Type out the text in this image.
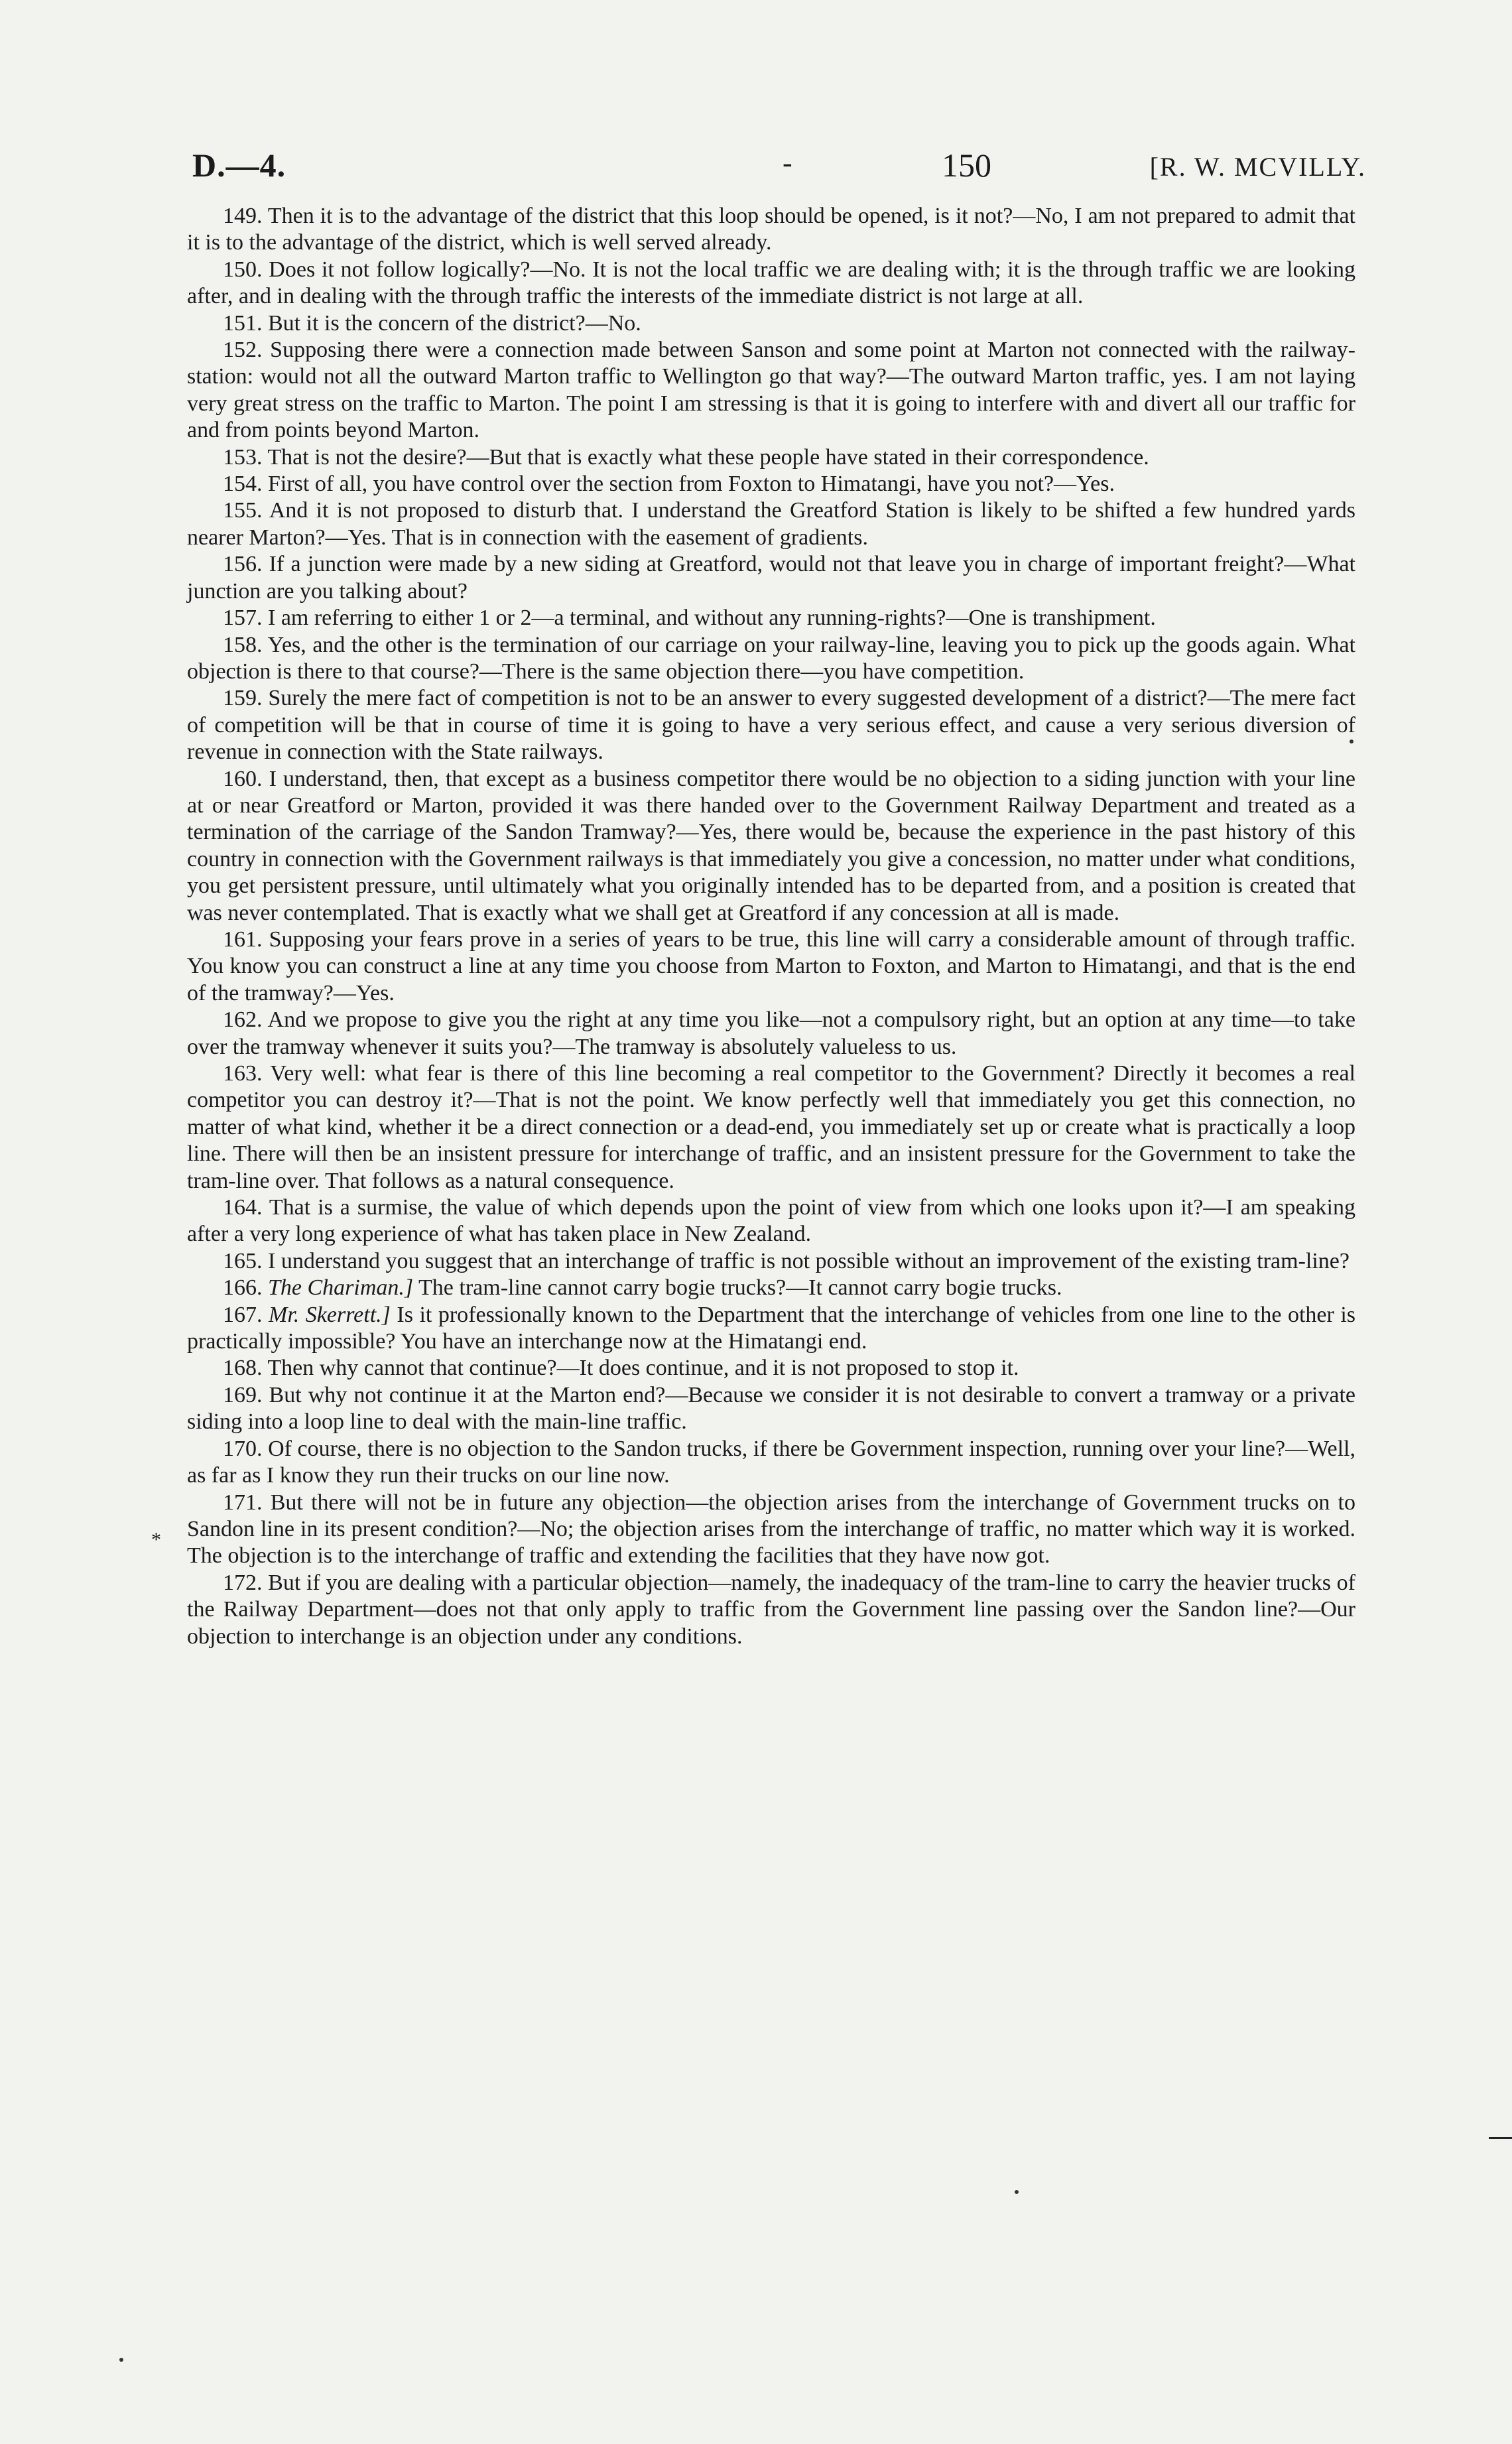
D.—4.	-	150	[R. W. MCVILLY.

149. Then it is to the advantage of the district that this loop should be opened, is it not?—No, I am not prepared to admit that it is to the advantage of the district, which is well served already.

150. Does it not follow logically?—No. It is not the local traffic we are dealing with; it is the through traffic we are looking after, and in dealing with the through traffic the interests of the immediate district is not large at all.

151. But it is the concern of the district?—No.

152. Supposing there were a connection made between Sanson and some point at Marton not connected with the railway-station: would not all the outward Marton traffic to Wellington go that way?—The outward Marton traffic, yes. I am not laying very great stress on the traffic to Marton. The point I am stressing is that it is going to interfere with and divert all our traffic for and from points beyond Marton.

153. That is not the desire?—But that is exactly what these people have stated in their correspondence.

154. First of all, you have control over the section from Foxton to Himatangi, have you not?—Yes.

155. And it is not proposed to disturb that. I understand the Greatford Station is likely to be shifted a few hundred yards nearer Marton?—Yes. That is in connection with the easement of gradients.

156. If a junction were made by a new siding at Greatford, would not that leave you in charge of important freight?—What junction are you talking about?

157. I am referring to either 1 or 2—a terminal, and without any running-rights?—One is transhipment.

158. Yes, and the other is the termination of our carriage on your railway-line, leaving you to pick up the goods again. What objection is there to that course?—There is the same objection there—you have competition.

159. Surely the mere fact of competition is not to be an answer to every suggested development of a district?—The mere fact of competition will be that in course of time it is going to have a very serious effect, and cause a very serious diversion of revenue in connection with the State railways.

160. I understand, then, that except as a business competitor there would be no objection to a siding junction with your line at or near Greatford or Marton, provided it was there handed over to the Government Railway Department and treated as a termination of the carriage of the Sandon Tramway?—Yes, there would be, because the experience in the past history of this country in connection with the Government railways is that immediately you give a concession, no matter under what conditions, you get persistent pressure, until ultimately what you originally intended has to be departed from, and a position is created that was never contemplated. That is exactly what we shall get at Greatford if any concession at all is made.

161. Supposing your fears prove in a series of years to be true, this line will carry a considerable amount of through traffic. You know you can construct a line at any time you choose from Marton to Foxton, and Marton to Himatangi, and that is the end of the tramway?—Yes.

162. And we propose to give you the right at any time you like—not a compulsory right, but an option at any time—to take over the tramway whenever it suits you?—The tramway is absolutely valueless to us.

163. Very well: what fear is there of this line becoming a real competitor to the Government? Directly it becomes a real competitor you can destroy it?—That is not the point. We know perfectly well that immediately you get this connection, no matter of what kind, whether it be a direct connection or a dead-end, you immediately set up or create what is practically a loop line. There will then be an insistent pressure for interchange of traffic, and an insistent pressure for the Government to take the tram-line over. That follows as a natural consequence.

164. That is a surmise, the value of which depends upon the point of view from which one looks upon it?—I am speaking after a very long experience of what has taken place in New Zealand.

165. I understand you suggest that an interchange of traffic is not possible without an improvement of the existing tram-line?

166. The Chariman.] The tram-line cannot carry bogie trucks?—It cannot carry bogie trucks.

167. Mr. Skerrett.] Is it professionally known to the Department that the interchange of vehicles from one line to the other is practically impossible? You have an interchange now at the Himatangi end.

168. Then why cannot that continue?—It does continue, and it is not proposed to stop it.

169. But why not continue it at the Marton end?—Because we consider it is not desirable to convert a tramway or a private siding into a loop line to deal with the main-line traffic.

170. Of course, there is no objection to the Sandon trucks, if there be Government inspection, running over your line?—Well, as far as I know they run their trucks on our line now.

171. But there will not be in future any objection—the objection arises from the interchange of Government trucks on to Sandon line in its present condition?—No; the objection arises from the interchange of traffic, no matter which way it is worked. The objection is to the interchange of traffic and extending the facilities that they have now got.

172. But if you are dealing with a particular objection—namely, the inadequacy of the tram-line to carry the heavier trucks of the Railway Department—does not that only apply to traffic from the Government line passing over the Sandon line?—Our objection to interchange is an objection under any conditions.

*
